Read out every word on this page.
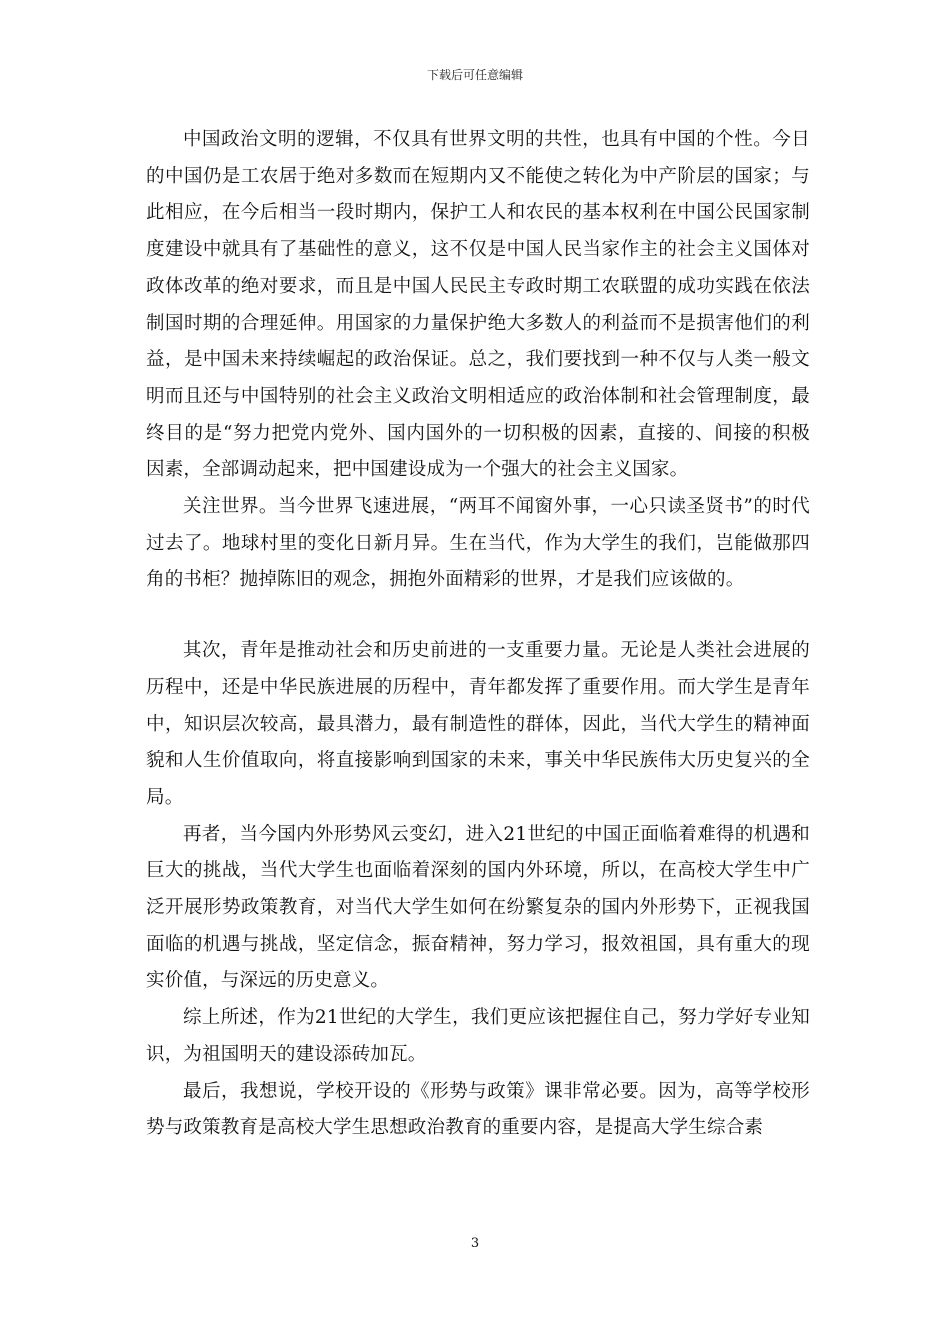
下载后可任意编辑

中国政治文明的逻辑，不仅具有世界文明的共性，也具有中国的个性。今日的中国仍是工农居于绝对多数而在短期内又不能使之转化为中产阶层的国家；与此相应，在今后相当一段时期内，保护工人和农民的基本权利在中国公民国家制度建设中就具有了基础性的意义，这不仅是中国人民当家作主的社会主义国体对政体改革的绝对要求，而且是中国人民民主专政时期工农联盟的成功实践在依法制国时期的合理延伸。用国家的力量保护绝大多数人的利益而不是损害他们的利益，是中国未来持续崛起的政治保证。总之，我们要找到一种不仅与人类一般文明而且还与中国特别的社会主义政治文明相适应的政治体制和社会管理制度，最终目的是“努力把党内党外、国内国外的一切积极的因素，直接的、间接的积极因素，全部调动起来，把中国建设成为一个强大的社会主义国家。

关注世界。当今世界飞速进展，“两耳不闻窗外事，一心只读圣贤书”的时代过去了。地球村里的变化日新月异。生在当代，作为大学生的我们，岂能做那四角的书柜？抛掉陈旧的观念，拥抱外面精彩的世界，才是我们应该做的。

其次，青年是推动社会和历史前进的一支重要力量。无论是人类社会进展的历程中，还是中华民族进展的历程中，青年都发挥了重要作用。而大学生是青年中，知识层次较高，最具潜力，最有制造性的群体，因此，当代大学生的精神面貌和人生价值取向，将直接影响到国家的未来，事关中华民族伟大历史复兴的全局。

再者，当今国内外形势风云变幻，进入21世纪的中国正面临着难得的机遇和巨大的挑战，当代大学生也面临着深刻的国内外环境，所以，在高校大学生中广泛开展形势政策教育，对当代大学生如何在纷繁复杂的国内外形势下，正视我国面临的机遇与挑战，坚定信念，振奋精神，努力学习，报效祖国，具有重大的现实价值，与深远的历史意义。

综上所述，作为21世纪的大学生，我们更应该把握住自己，努力学好专业知识，为祖国明天的建设添砖加瓦。

最后，我想说，学校开设的《形势与政策》课非常必要。因为，高等学校形势与政策教育是高校大学生思想政治教育的重要内容，是提高大学生综合素

3
